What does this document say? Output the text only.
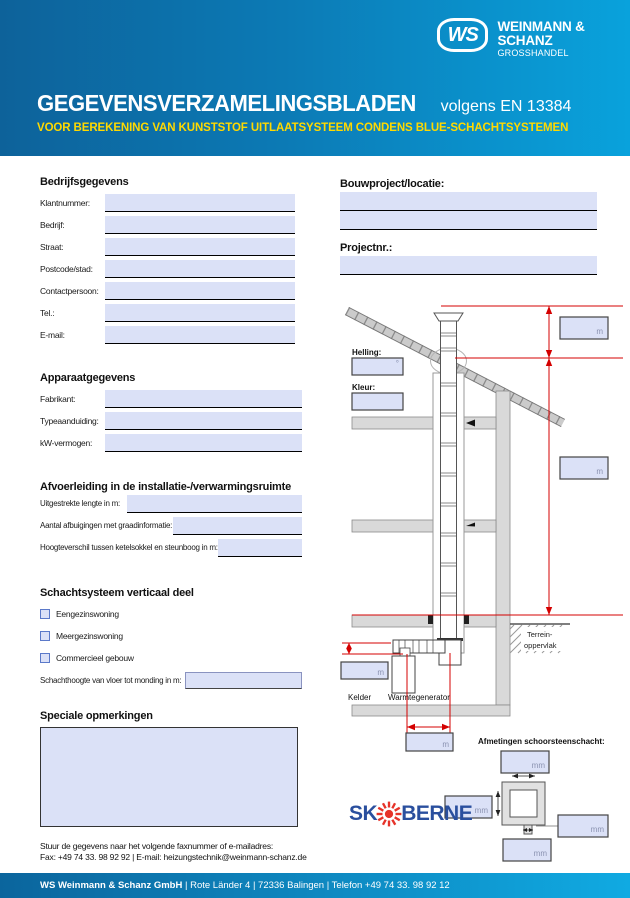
WS WEINMANN & SCHANZ
GROSSHANDEL
GEGEVENSVERZAMELINGSBLADEN volgens EN 13384
VOOR BEREKENING VAN KUNSTSTOF UITLAATSYSTEEM CONDENS BLUE-SCHACHTSYSTEMEN
Bedrijfsgegevens
Klantnummer:
Bedrijf:
Straat:
Postcode/stad:
Contactpersoon:
Tel.:
E-mail:
Bouwproject/locatie:
Projectnr.:
Apparaatgegevens
Fabrikant:
Typeaanduiding:
kW-vermogen:
Afvoerleiding in de installatie-/verwarmingsruimte
Uitgestrekte lengte in m:
Aantal afbuigingen met graadinformatie:
Hoogteverschil tussen ketelsokkel en steunboog in m:
Schachtsysteem verticaal deel
Eengezinswoning
Meergezinswoning
Commercieel gebouw
Schachthoogte van vloer tot monding in m:
Speciale opmerkingen
Stuur de gegevens naar het volgende faxnummer of e-mailadres:
Fax: +49 74 33. 98 92 92 | E-mail: heizungstechnik@weinmann-schanz.de
Terrein-
oppervlak
Helling:
°
Kleur:
m
m
m
m
Kelder Warmtegenerator
Afmetingen schoorsteenschacht:
mm
mm
mm
mm
SK BERNE
WS Weinmann & Schanz GmbH | Rote Länder 4 | 72336 Balingen | Telefon +49 74 33. 98 92 12
